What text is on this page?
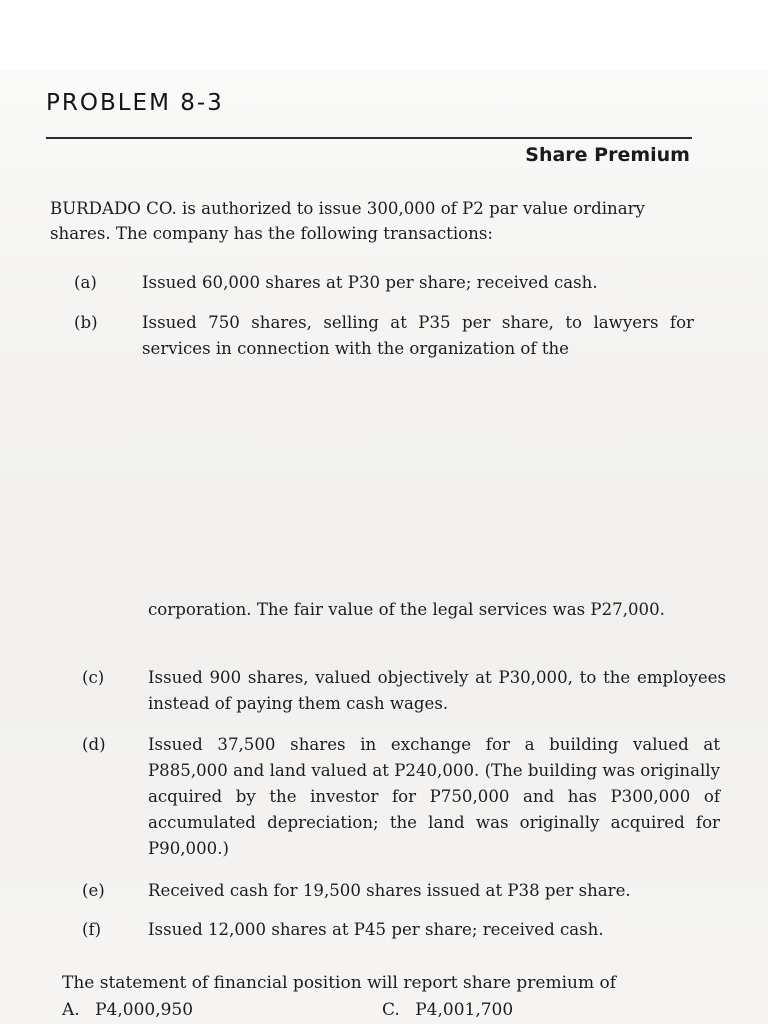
PROBLEM 8-3
Share Premium
BURDADO CO. is authorized to issue 300,000 of P2 par value ordinary shares. The company has the following transactions:
(a)	Issued 60,000 shares at P30 per share; received cash.
(b)	Issued 750 shares, selling at P35 per share, to lawyers for services in connection with the organization of the
corporation. The fair value of the legal services was P27,000.
(c)	Issued 900 shares, valued objectively at P30,000, to the employees instead of paying them cash wages.
(d)	Issued 37,500 shares in exchange for a building valued at P885,000 and land valued at P240,000. (The building was originally acquired by the investor for P750,000 and has P300,000 of accumulated depreciation; the land was originally acquired for P90,000.)
(e)	Received cash for 19,500 shares issued at P38 per share.
(f)	Issued 12,000 shares at P45 per share; received cash.
The statement of financial position will report share premium of
A. P4,000,950	C. P4,001,700
